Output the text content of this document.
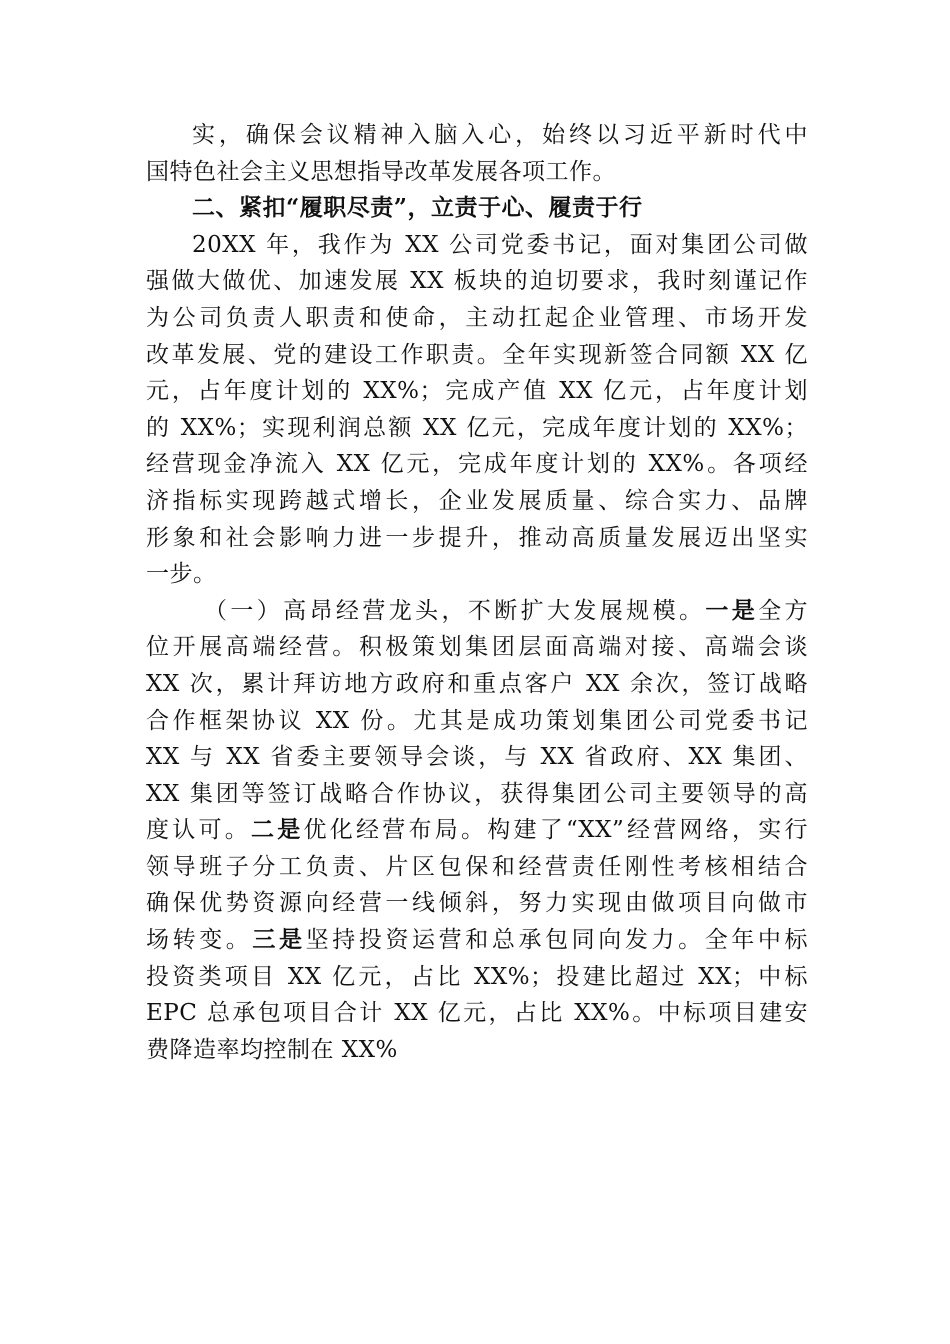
实，确保会议精神入脑入心，始终以习近平新时代中
国特色社会主义思想指导改革发展各项工作。
二、紧扣“履职尽责”，立责于心、履责于行
20XX 年，我作为 XX 公司党委书记，面对集团公司做
强做大做优、加速发展 XX 板块的迫切要求，我时刻谨记作
为公司负责人职责和使命，主动扛起企业管理、市场开发
改革发展、党的建设工作职责。全年实现新签合同额 XX 亿
元，占年度计划的 XX%；完成产值 XX 亿元，占年度计划
的 XX%；实现利润总额 XX 亿元，完成年度计划的 XX%；
经营现金净流入 XX 亿元，完成年度计划的 XX%。各项经
济指标实现跨越式增长，企业发展质量、综合实力、品牌
形象和社会影响力进一步提升，推动高质量发展迈出坚实
一步。
（一）高昂经营龙头，不断扩大发展规模。一是全方
位开展高端经营。积极策划集团层面高端对接、高端会谈
XX 次，累计拜访地方政府和重点客户 XX 余次，签订战略
合作框架协议 XX 份。尤其是成功策划集团公司党委书记
XX 与 XX 省委主要领导会谈，与 XX 省政府、XX 集团、
XX 集团等签订战略合作协议，获得集团公司主要领导的高
度认可。二是优化经营布局。构建了“XX”经营网络，实行
领导班子分工负责、片区包保和经营责任刚性考核相结合
确保优势资源向经营一线倾斜，努力实现由做项目向做市
场转变。三是坚持投资运营和总承包同向发力。全年中标
投资类项目 XX 亿元，占比 XX%；投建比超过 XX；中标
EPC 总承包项目合计 XX 亿元，占比 XX%。中标项目建安
费降造率均控制在 XX%
